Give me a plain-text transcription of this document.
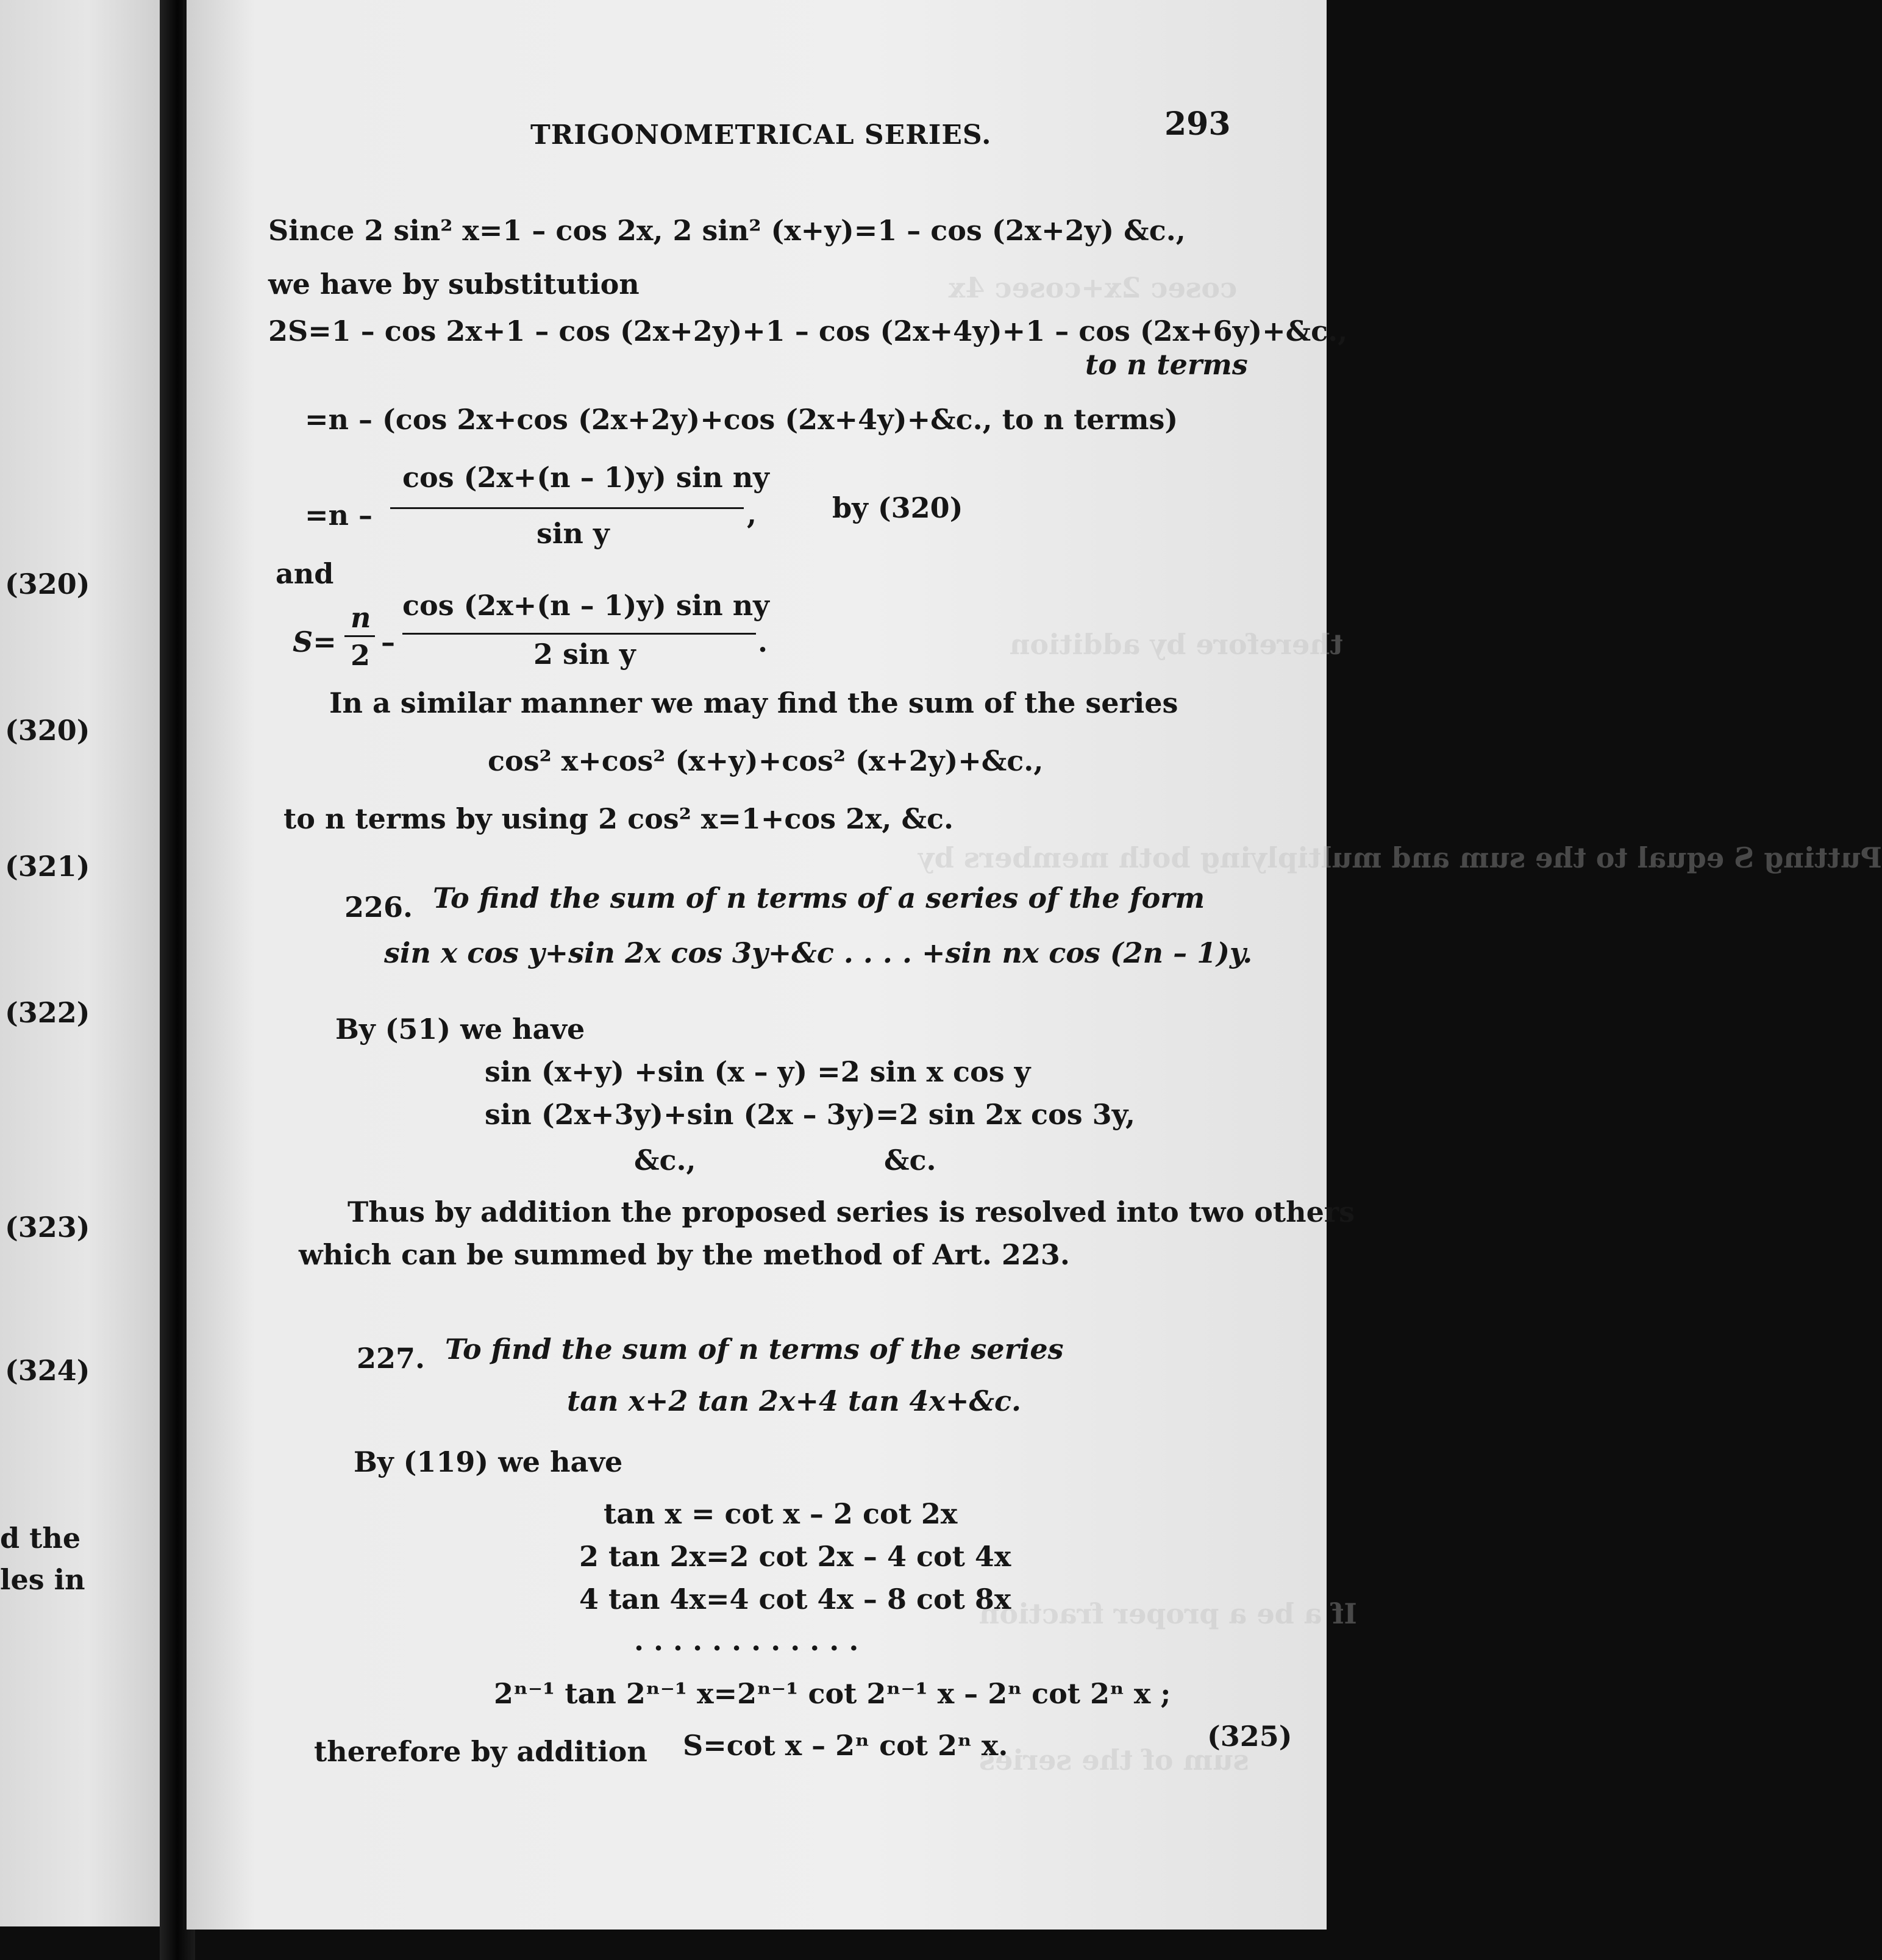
(320)
(320)
(321)
(322)
(323)
(324)
d the
les in
cosec 2x+cosec 4x
therefore by addition
Putting S equal to the sum and multiplying both members by
If a be a proper fraction
sum of the series
TRIGONOMETRICAL SERIES.	293
Since 2 sin² x=1 – cos 2x, 2 sin² (x+y)=1 – cos (2x+2y) &c.,
we have by substitution
2S=1 – cos 2x+1 – cos (2x+2y)+1 – cos (2x+4y)+1 – cos (2x+6y)+&c.,
to n terms
=n – (cos 2x+cos (2x+2y)+cos (2x+4y)+&c., to n terms)
=n –
cos (2x+(n – 1)y) sin ny
sin y
,	by (320)
and
S=
n
2 –
cos (2x+(n – 1)y) sin ny
2 sin y	.
In a similar manner we may find the sum of the series
cos² x+cos² (x+y)+cos² (x+2y)+&c.,
to n terms by using 2 cos² x=1+cos 2x, &c.
226. To find the sum of n terms of a series of the form
sin x cos y+sin 2x cos 3y+&c . . . . +sin nx cos (2n – 1)y.
By (51) we have
sin (x+y) +sin (x – y) =2 sin x cos y
sin (2x+3y)+sin (2x – 3y)=2 sin 2x cos 3y,
&c.,	&c.
Thus by addition the proposed series is resolved into two others
which can be summed by the method of Art. 223.
227. To find the sum of n terms of the series
tan x+2 tan 2x+4 tan 4x+&c.
By (119) we have
tan x = cot x – 2 cot 2x
2 tan 2x=2 cot 2x – 4 cot 4x
4 tan 4x=4 cot 4x – 8 cot 8x
· · · · · · · · · · · ·
2ⁿ⁻¹ tan 2ⁿ⁻¹ x=2ⁿ⁻¹ cot 2ⁿ⁻¹ x – 2ⁿ cot 2ⁿ x ;
therefore by addition S=cot x – 2ⁿ cot 2ⁿ x.	(325)
